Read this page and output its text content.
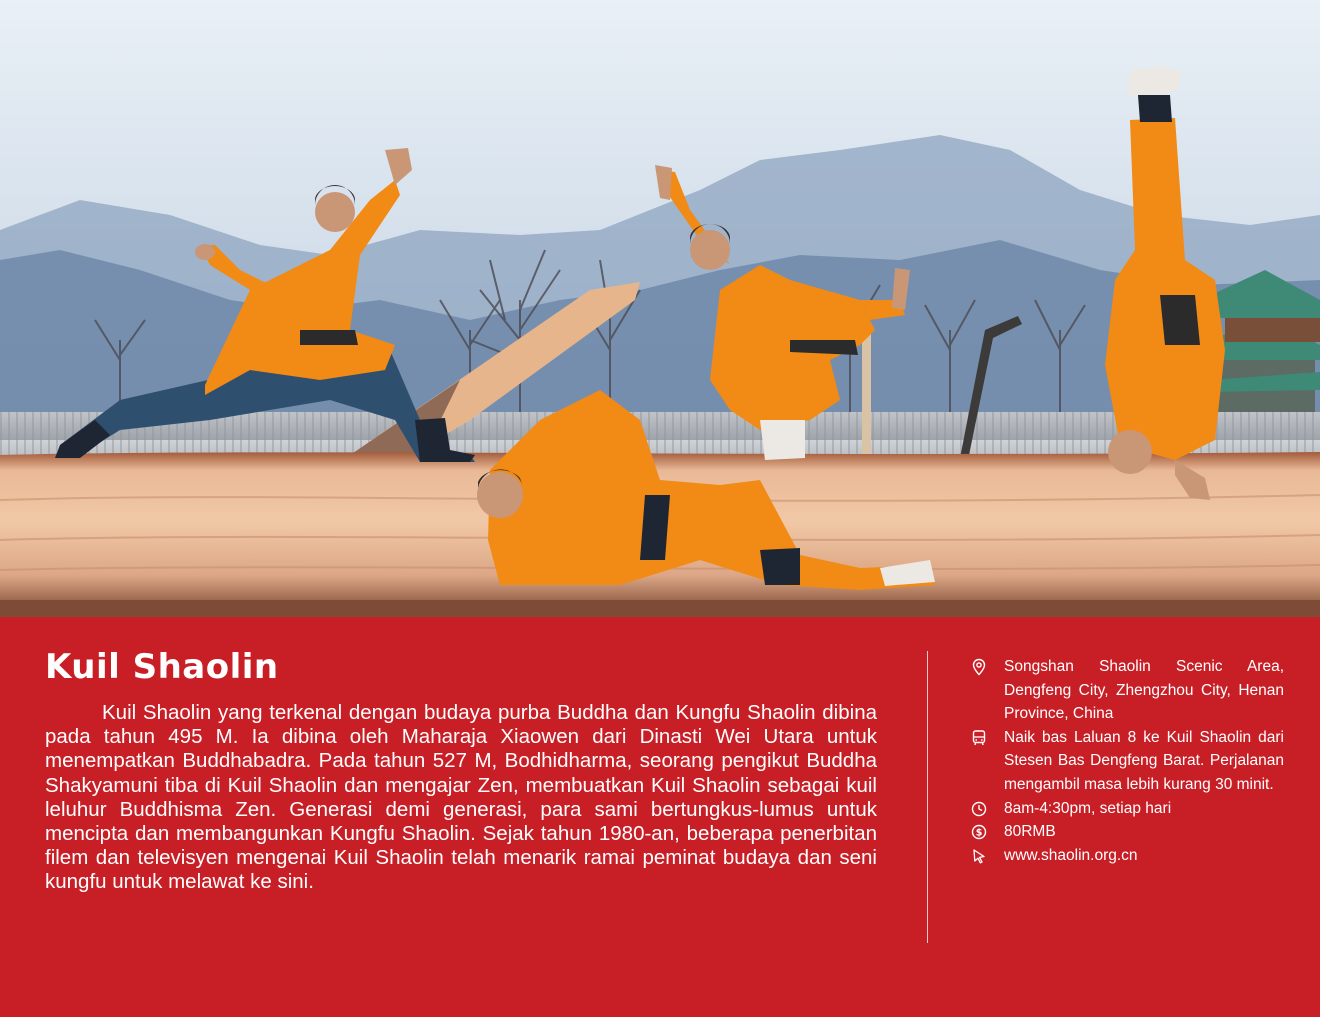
Kuil Shaolin

Kuil Shaolin yang terkenal dengan budaya purba Buddha dan Kungfu Shaolin dibina pada tahun 495 M. Ia dibina oleh Maharaja Xiaowen dari Dinasti Wei Utara untuk menempatkan Buddhabadra. Pada tahun 527 M, Bodhidharma, seorang pengikut Buddha Shakyamuni tiba di Kuil Shaolin dan mengajar Zen, membuatkan Kuil Shaolin sebagai kuil leluhur Buddhisma Zen. Generasi demi generasi, para sami bertungkus-lumus untuk mencipta dan membangunkan Kungfu Shaolin. Sejak tahun 1980-an, beberapa penerbitan filem dan televisyen mengenai Kuil Shaolin telah menarik ramai peminat budaya dan seni kungfu untuk melawat ke sini.

Songshan Shaolin Scenic Area, Dengfeng City, Zhengzhou City, Henan Province, China
Naik bas Laluan 8 ke Kuil Shaolin dari Stesen Bas Dengfeng Barat. Perjalanan mengambil masa lebih kurang 30 minit.
8am-4:30pm, setiap hari
$ 80RMB
www.shaolin.org.cn
